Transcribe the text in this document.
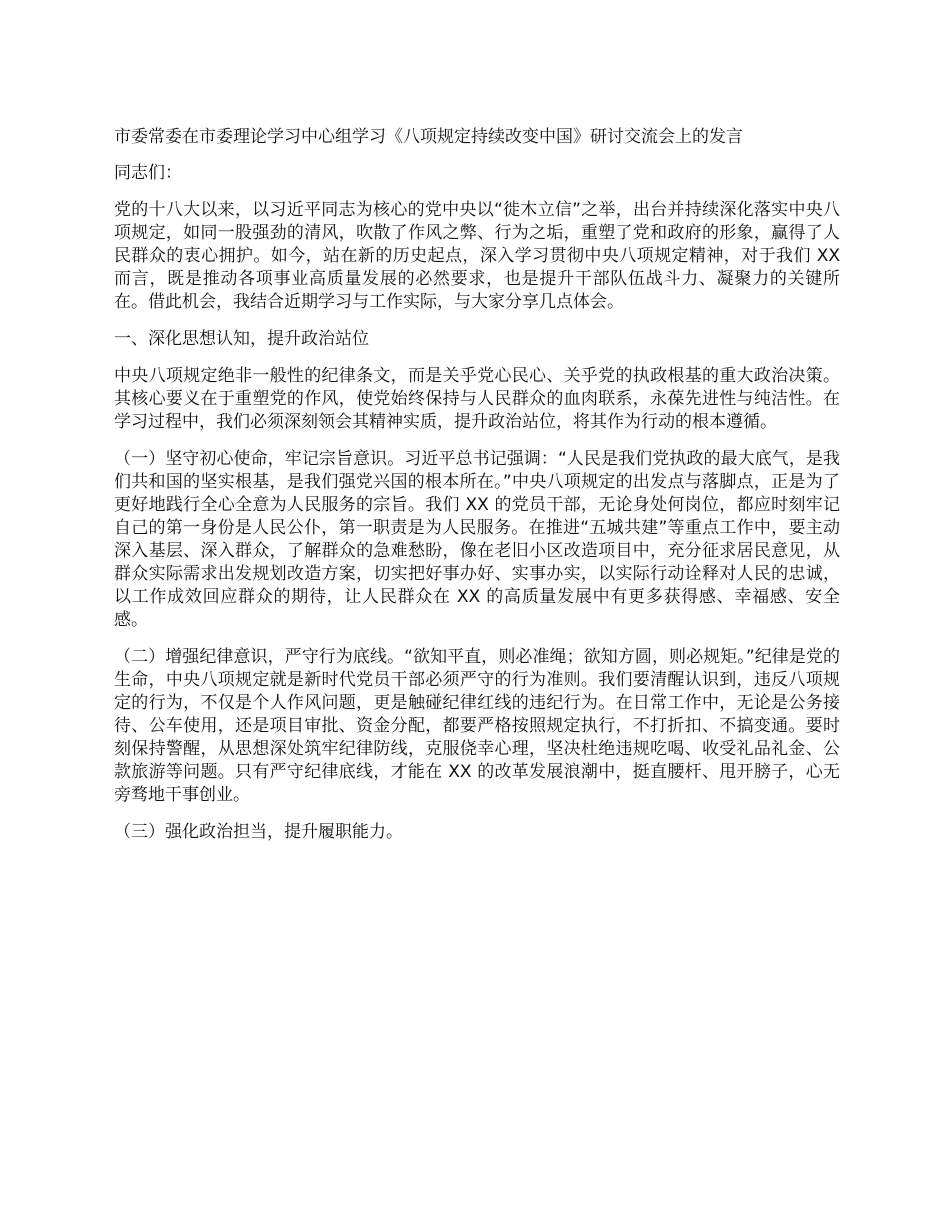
市委常委在市委理论学习中心组学习《八项规定持续改变中国》研讨交流会上的发言

同志们：

党的十八大以来，以习近平同志为核心的党中央以“徙木立信”之举，出台并持续深化落实中央八项规定，如同一股强劲的清风，吹散了作风之弊、行为之垢，重塑了党和政府的形象，赢得了人民群众的衷心拥护。如今，站在新的历史起点，深入学习贯彻中央八项规定精神，对于我们 XX 而言，既是推动各项事业高质量发展的必然要求，也是提升干部队伍战斗力、凝聚力的关键所在。借此机会，我结合近期学习与工作实际，与大家分享几点体会。

一、深化思想认知，提升政治站位

中央八项规定绝非一般性的纪律条文，而是关乎党心民心、关乎党的执政根基的重大政治决策。其核心要义在于重塑党的作风，使党始终保持与人民群众的血肉联系，永葆先进性与纯洁性。在学习过程中，我们必须深刻领会其精神实质，提升政治站位，将其作为行动的根本遵循。

（一）坚守初心使命，牢记宗旨意识。习近平总书记强调：“人民是我们党执政的最大底气，是我们共和国的坚实根基，是我们强党兴国的根本所在。”中央八项规定的出发点与落脚点，正是为了更好地践行全心全意为人民服务的宗旨。我们 XX 的党员干部，无论身处何岗位，都应时刻牢记自己的第一身份是人民公仆，第一职责是为人民服务。在推进“五城共建”等重点工作中，要主动深入基层、深入群众，了解群众的急难愁盼，像在老旧小区改造项目中，充分征求居民意见，从群众实际需求出发规划改造方案，切实把好事办好、实事办实，以实际行动诠释对人民的忠诚，以工作成效回应群众的期待，让人民群众在 XX 的高质量发展中有更多获得感、幸福感、安全感。

（二）增强纪律意识，严守行为底线。“欲知平直，则必准绳；欲知方圆，则必规矩。”纪律是党的生命，中央八项规定就是新时代党员干部必须严守的行为准则。我们要清醒认识到，违反八项规定的行为，不仅是个人作风问题，更是触碰纪律红线的违纪行为。在日常工作中，无论是公务接待、公车使用，还是项目审批、资金分配，都要严格按照规定执行，不打折扣、不搞变通。要时刻保持警醒，从思想深处筑牢纪律防线，克服侥幸心理，坚决杜绝违规吃喝、收受礼品礼金、公款旅游等问题。只有严守纪律底线，才能在 XX 的改革发展浪潮中，挺直腰杆、甩开膀子，心无旁骛地干事创业。

（三）强化政治担当，提升履职能力。
